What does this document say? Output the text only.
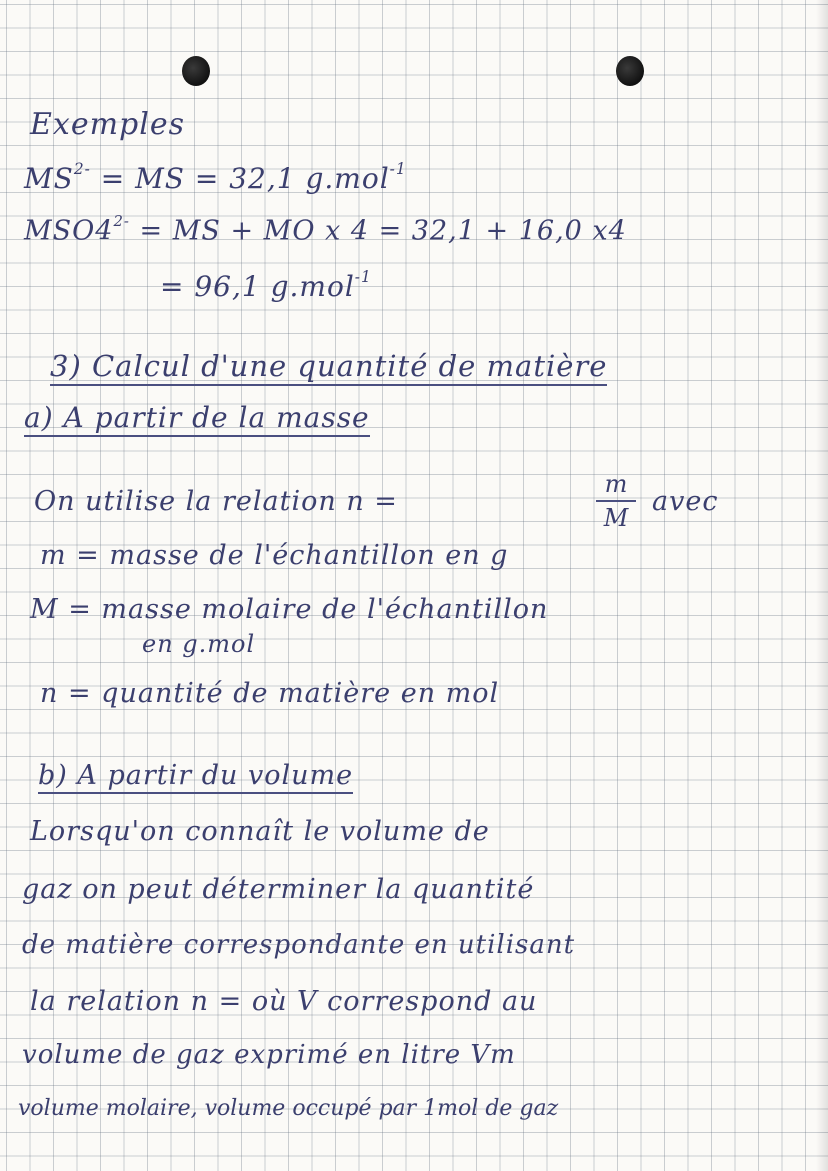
Exemples
$MS^{2-}$ = MS = 32,1 g.mol$^{-1}$
$MSO4^{2-}$ = MS + MO x 4 = 32,1 + 16,0 x4
= 96,1 g.mol$^{-1}$
3) Calcul d'une quantité de matière
a) A partir de la masse
On utilise la relation n =
m
M
avec
m = masse de l'échantillon en g
M = masse molaire de l'échantillon
en g.mol
n = quantité de matière en mol
b) A partir du volume
Lorsqu'on connaît le volume de
gaz on peut déterminer la quantité
de matière correspondante en utilisant
la relation n = où V correspond au
volume de gaz exprimé en litre Vm
volume molaire, volume occupé par 1mol de gaz
